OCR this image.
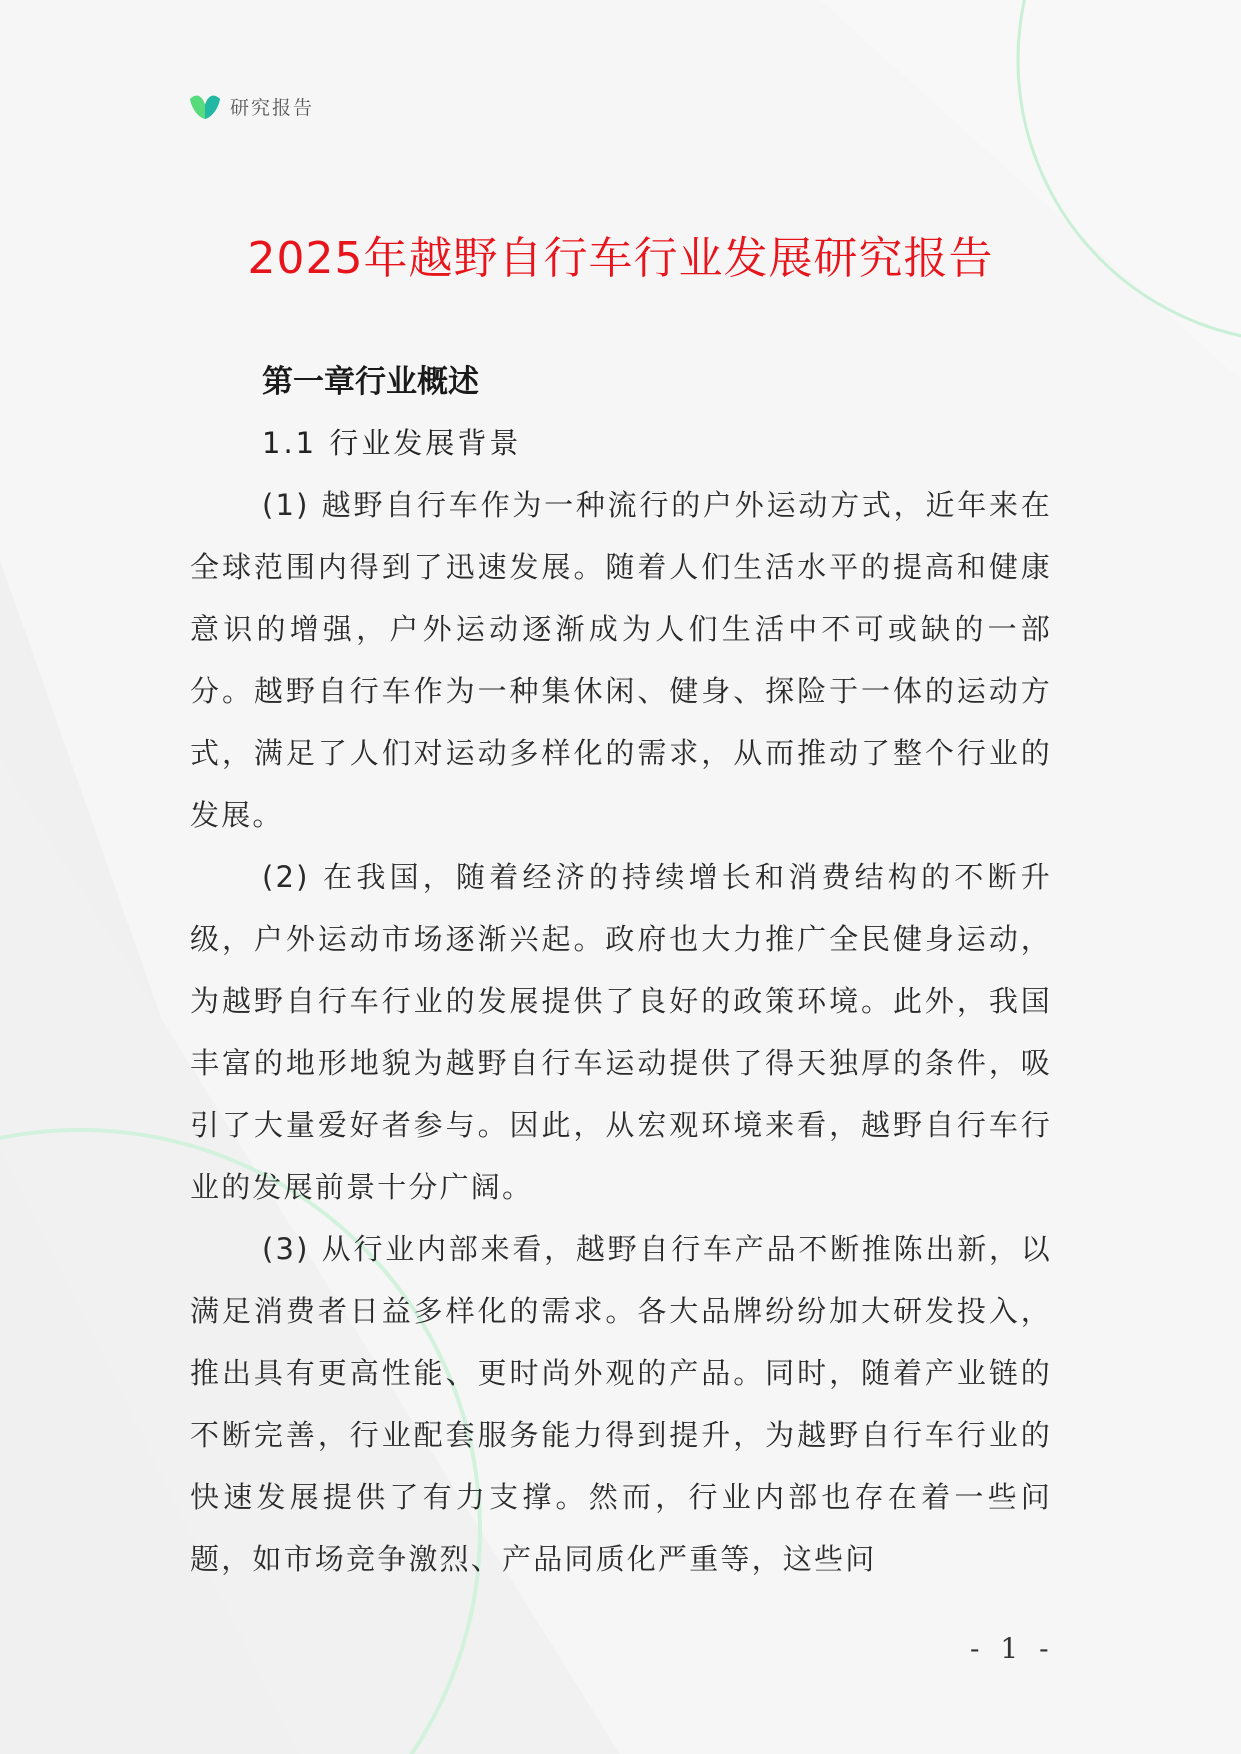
研究报告
2025年越野自行车行业发展研究报告
第一章行业概述
1.1 行业发展背景

(1) 越野自行车作为一种流行的户外运动方式，近年来在全球范围内得到了迅速发展。随着人们生活水平的提高和健康意识的增强，户外运动逐渐成为人们生活中不可或缺的一部分。越野自行车作为一种集休闲、健身、探险于一体的运动方式，满足了人们对运动多样化的需求，从而推动了整个行业的发展。

(2) 在我国，随着经济的持续增长和消费结构的不断升级，户外运动市场逐渐兴起。政府也大力推广全民健身运动，为越野自行车行业的发展提供了良好的政策环境。此外，我国丰富的地形地貌为越野自行车运动提供了得天独厚的条件，吸引了大量爱好者参与。因此，从宏观环境来看，越野自行车行业的发展前景十分广阔。

(3) 从行业内部来看，越野自行车产品不断推陈出新，以满足消费者日益多样化的需求。各大品牌纷纷加大研发投入，推出具有更高性能、更时尚外观的产品。同时，随着产业链的不断完善，行业配套服务能力得到提升，为越野自行车行业的快速发展提供了有力支撑。然而，行业内部也存在着一些问题，如市场竞争激烈、产品同质化严重等，这些问

- 1 -
